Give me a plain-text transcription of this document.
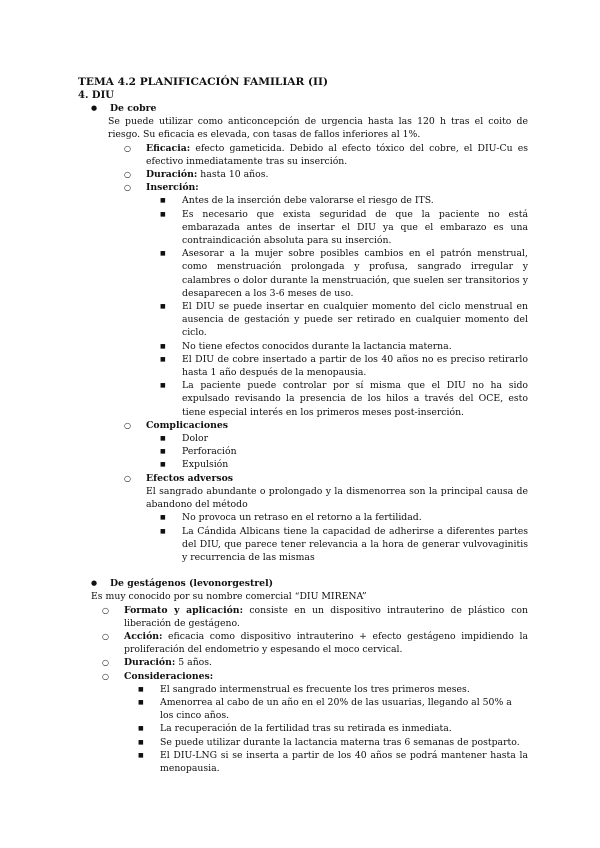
TEMA 4.2 PLANIFICACIÓN FAMILIAR (II)
4. DIU
● De cobre
Se puede utilizar como anticoncepción de urgencia hasta las 120 h tras el coito de riesgo. Su eficacia es elevada, con tasas de fallos inferiores al 1%.
○ Eficacia: efecto gameticida. Debido al efecto tóxico del cobre, el DIU-Cu es efectivo inmediatamente tras su inserción.
○ Duración: hasta 10 años.
○ Inserción:
■ Antes de la inserción debe valorarse el riesgo de ITS.
■ Es necesario que exista seguridad de que la paciente no está embarazada antes de insertar el DIU ya que el embarazo es una contraindicación absoluta para su inserción.
■ Asesorar a la mujer sobre posibles cambios en el patrón menstrual, como menstruación prolongada y profusa, sangrado irregular y calambres o dolor durante la menstruación, que suelen ser transitorios y desaparecen a los 3-6 meses de uso.
■ El DIU se puede insertar en cualquier momento del ciclo menstrual en ausencia de gestación y puede ser retirado en cualquier momento del ciclo.
■ No tiene efectos conocidos durante la lactancia materna.
■ El DIU de cobre insertado a partir de los 40 años no es preciso retirarlo hasta 1 año después de la menopausia.
■ La paciente puede controlar por sí misma que el DIU no ha sido expulsado revisando la presencia de los hilos a través del OCE, esto tiene especial interés en los primeros meses post-inserción.
○ Complicaciones
■ Dolor
■ Perforación
■ Expulsión
○ Efectos adversos
El sangrado abundante o prolongado y la dismenorrea son la principal causa de abandono del método
■ No provoca un retraso en el retorno a la fertilidad.
■ La Cándida Albicans tiene la capacidad de adherirse a diferentes partes del DIU, que parece tener relevancia a la hora de generar vulvovaginitis y recurrencia de las mismas
● De gestágenos (levonorgestrel)
Es muy conocido por su nombre comercial “DIU MIRENA”
○ Formato y aplicación: consiste en un dispositivo intrauterino de plástico con liberación de gestágeno.
○ Acción: eficacia como dispositivo intrauterino + efecto gestágeno impidiendo la proliferación del endometrio y espesando el moco cervical.
○ Duración: 5 años.
○ Consideraciones:
■ El sangrado intermenstrual es frecuente los tres primeros meses.
■ Amenorrea al cabo de un año en el 20% de las usuarias, llegando al 50% a los cinco años.
■ La recuperación de la fertilidad tras su retirada es inmediata.
■ Se puede utilizar durante la lactancia materna tras 6 semanas de postparto.
■ El DIU-LNG si se inserta a partir de los 40 años se podrá mantener hasta la menopausia.
